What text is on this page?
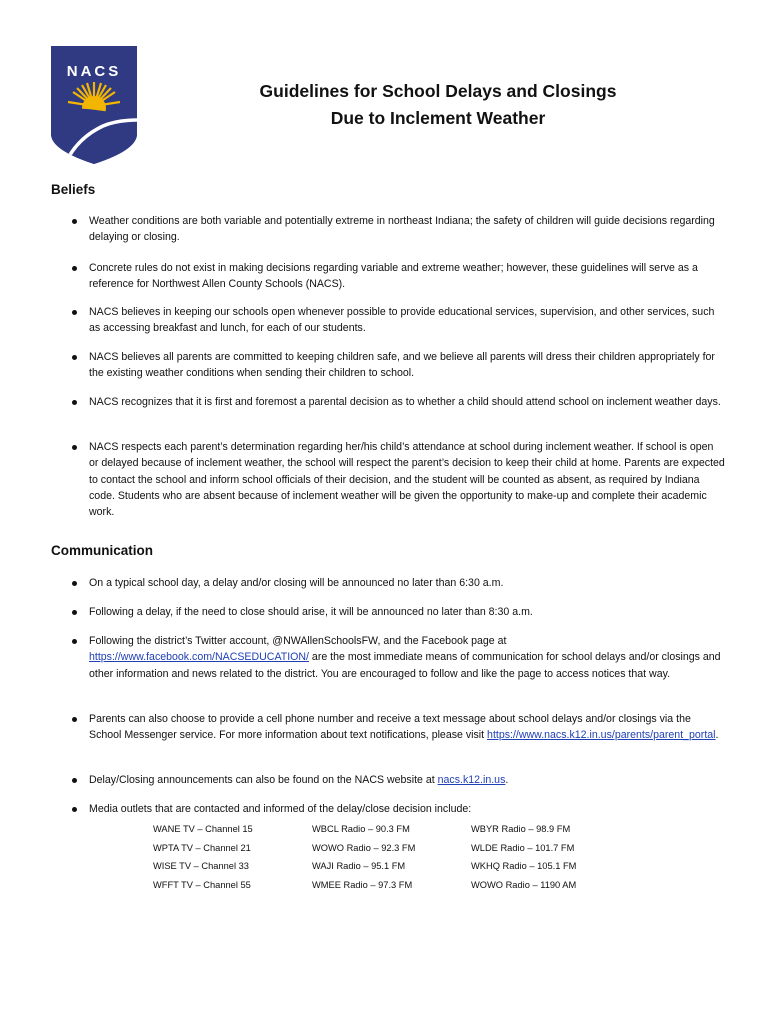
NACS
Guidelines for School Delays and Closings
Due to Inclement Weather
Beliefs
Weather conditions are both variable and potentially extreme in northeast Indiana; the safety of children will guide decisions regarding delaying or closing.
Concrete rules do not exist in making decisions regarding variable and extreme weather; however, these guidelines will serve as a reference for Northwest Allen County Schools (NACS).
NACS believes in keeping our schools open whenever possible to provide educational services, supervision, and other services, such as accessing breakfast and lunch, for each of our students.
NACS believes all parents are committed to keeping children safe, and we believe all parents will dress their children appropriately for the existing weather conditions when sending their children to school.
NACS recognizes that it is first and foremost a parental decision as to whether a child should attend school on inclement weather days.
NACS respects each parent’s determination regarding her/his child’s attendance at school during inclement weather. If school is open or delayed because of inclement weather, the school will respect the parent’s decision to keep their child at home. Parents are expected to contact the school and inform school officials of their decision, and the student will be counted as absent, as required by Indiana code. Students who are absent because of inclement weather will be given the opportunity to make-up and complete their academic work.
Communication
On a typical school day, a delay and/or closing will be announced no later than 6:30 a.m.
Following a delay, if the need to close should arise, it will be announced no later than 8:30 a.m.
Following the district’s Twitter account, @NWAllenSchoolsFW, and the Facebook page at https://www.facebook.com/NACSEDUCATION/ are the most immediate means of communication for school delays and/or closings and other information and news related to the district. You are encouraged to follow and like the page to access notices that way.
Parents can also choose to provide a cell phone number and receive a text message about school delays and/or closings via the School Messenger service. For more information about text notifications, please visit https://www.nacs.k12.in.us/parents/parent_portal.
Delay/Closing announcements can also be found on the NACS website at nacs.k12.in.us.
Media outlets that are contacted and informed of the delay/close decision include:
WANE TV – Channel 15	WBCL Radio – 90.3 FM	WBYR Radio – 98.9 FM
WPTA TV – Channel 21	WOWO Radio – 92.3 FM	WLDE Radio – 101.7 FM
WISE TV – Channel 33	WAJI Radio – 95.1 FM	WKHQ Radio – 105.1 FM
WFFT TV – Channel 55	WMEE Radio – 97.3 FM	WOWO Radio – 1190 AM
